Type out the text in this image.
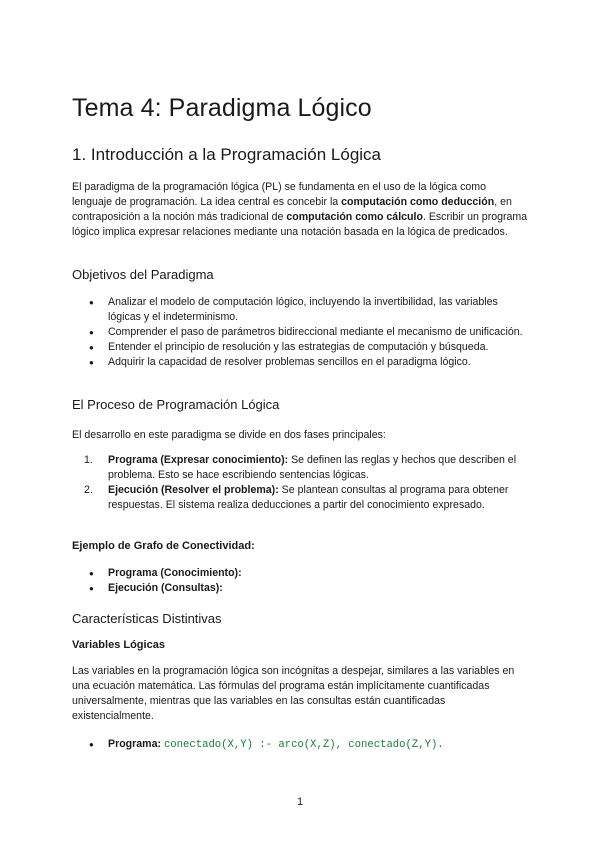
Tema 4: Paradigma Lógico
1. Introducción a la Programación Lógica

El paradigma de la programación lógica (PL) se fundamenta en el uso de la lógica como lenguaje de programación. La idea central es concebir la computación como deducción, en contraposición a la noción más tradicional de computación como cálculo. Escribir un programa lógico implica expresar relaciones mediante una notación basada en la lógica de predicados.

Objetivos del Paradigma
● Analizar el modelo de computación lógico, incluyendo la invertibilidad, las variables lógicas y el indeterminismo.
● Comprender el paso de parámetros bidireccional mediante el mecanismo de unificación.
● Entender el principio de resolución y las estrategias de computación y búsqueda.
● Adquirir la capacidad de resolver problemas sencillos en el paradigma lógico.
El Proceso de Programación Lógica

El desarrollo en este paradigma se divide en dos fases principales:

1. Programa (Expresar conocimiento): Se definen las reglas y hechos que describen el problema. Esto se hace escribiendo sentencias lógicas.
2. Ejecución (Resolver el problema): Se plantean consultas al programa para obtener respuestas. El sistema realiza deducciones a partir del conocimiento expresado.
Ejemplo de Grafo de Conectividad:
● Programa (Conocimiento):
● Ejecución (Consultas):
Características Distintivas
Variables Lógicas

Las variables en la programación lógica son incógnitas a despejar, similares a las variables en una ecuación matemática. Las fórmulas del programa están implícitamente cuantificadas universalmente, mientras que las variables en las consultas están cuantificadas existencialmente.

● Programa: conectado(X,Y) :- arco(X,Z), conectado(Z,Y).
1
